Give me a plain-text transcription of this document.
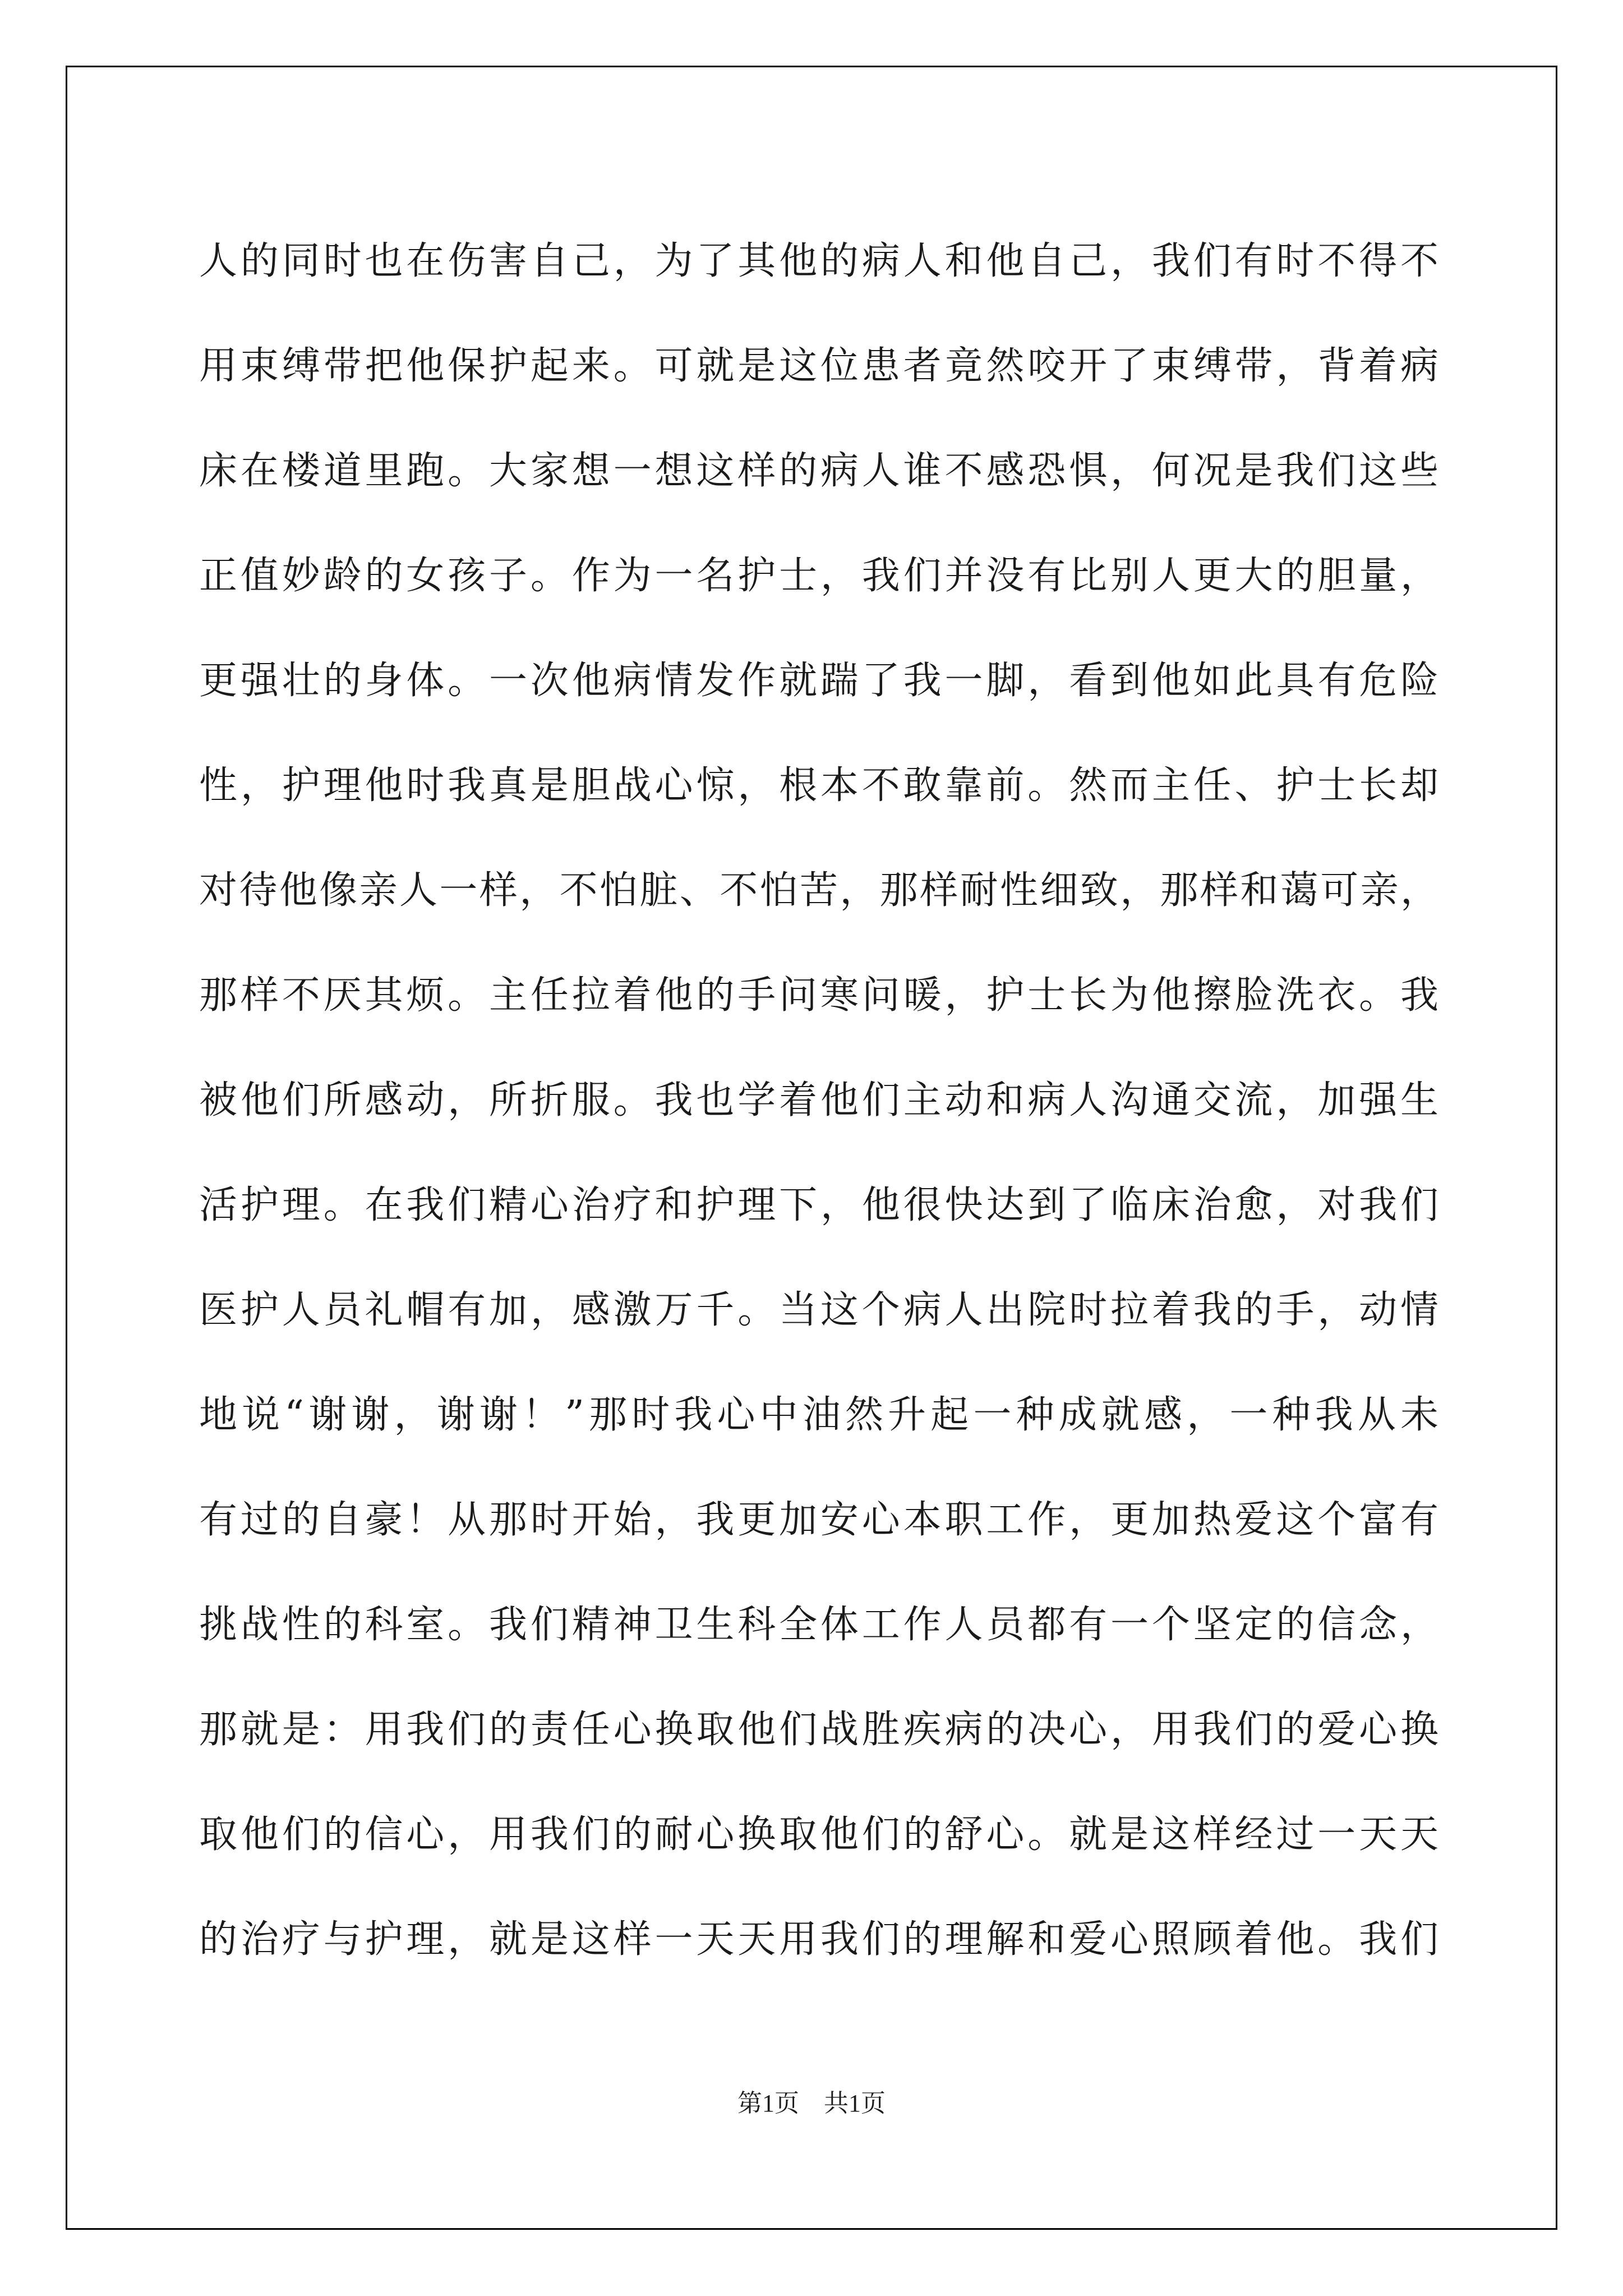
人的同时也在伤害自己，为了其他的病人和他自己，我们有时不得不
用束缚带把他保护起来。可就是这位患者竟然咬开了束缚带，背着病
床在楼道里跑。大家想一想这样的病人谁不感恐惧，何况是我们这些
正值妙龄的女孩子。作为一名护士，我们并没有比别人更大的胆量，
更强壮的身体。一次他病情发作就踹了我一脚，看到他如此具有危险
性，护理他时我真是胆战心惊，根本不敢靠前。然而主任、护士长却
对待他像亲人一样，不怕脏、不怕苦，那样耐性细致，那样和蔼可亲，
那样不厌其烦。主任拉着他的手问寒问暖，护士长为他擦脸洗衣。我
被他们所感动，所折服。我也学着他们主动和病人沟通交流，加强生
活护理。在我们精心治疗和护理下，他很快达到了临床治愈，对我们
医护人员礼帽有加，感激万千。当这个病人出院时拉着我的手，动情
地说“谢谢，谢谢！”那时我心中油然升起一种成就感，一种我从未
有过的自豪！从那时开始，我更加安心本职工作，更加热爱这个富有
挑战性的科室。我们精神卫生科全体工作人员都有一个坚定的信念，
那就是：用我们的责任心换取他们战胜疾病的决心，用我们的爱心换
取他们的信心，用我们的耐心换取他们的舒心。就是这样经过一天天
的治疗与护理，就是这样一天天用我们的理解和爱心照顾着他。我们
第1页　共1页
